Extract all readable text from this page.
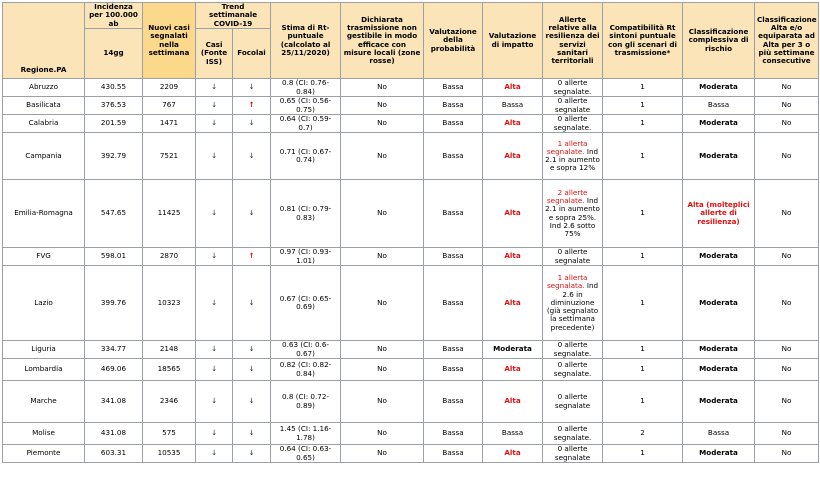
Regione.PA	Incidenza per 100.000 ab	Nuovi casi segnalati nella settimana	Trend settimanale COVID-19		Stima di Rt-puntuale (calcolato al 25/11/2020)	Dichiarata trasmissione non gestibile in modo efficace con misure locali (zone rosse)	Valutazione della probabilità	Valutazione di impatto	Allerte relative alla resilienza dei servizi sanitari territoriali	Compatibilità Rt sintoni puntuale con gli scenari di trasmissione*	Classificazione complessiva di rischio	Classificazione Alta e/o equiparata ad Alta per 3 o più settimane consecutive
	14gg		Casi (Fonte ISS)	Focolai								
Abruzzo	430.55	2209	↓	↓	0.8 (CI: 0.76-0.84)	No	Bassa	Alta	0 allerte segnalate.	1	Moderata	No
Basilicata	376.53	767	↓	↑	0.65 (CI: 0.56-0.75)	No	Bassa	Bassa	0 allerte segnalate	1	Bassa	No
Calabria	201.59	1471	↓	↓	0.64 (CI: 0.59-0.7)	No	Bassa	Alta	0 allerte segnalate.	1	Moderata	No
Campania	392.79	7521	↓	↓	0.71 (CI: 0.67-0.74)	No	Bassa	Alta	1 allerta segnalate. Ind 2.1 in aumento e sopra 12%	1	Moderata	No
Emilia-Romagna	547.65	11425	↓	↓	0.81 (CI: 0.79-0.83)	No	Bassa	Alta	2 allerte segnalate. Ind 2.1 in aumento e sopra 25%. Ind 2.6 sotto 75%	1	Alta (molteplici allerte di resilienza)	No
FVG	598.01	2870	↓	↑	0.97 (CI: 0.93-1.01)	No	Bassa	Alta	0 allerte segnalate	1	Moderata	No
Lazio	399.76	10323	↓	↓	0.67 (CI: 0.65-0.69)	No	Bassa	Alta	1 allerta segnalata. Ind 2.6 in diminuzione (già segnalato la settimana precedente)	1	Moderata	No
Liguria	334.77	2148	↓	↓	0.63 (CI: 0.6-0.67)	No	Bassa	Moderata	0 allerte segnalate.	1	Moderata	No
Lombardia	469.06	18565	↓	↓	0.82 (CI: 0.82-0.84)	No	Bassa	Alta	0 allerte segnalate.	1	Moderata	No
Marche	341.08	2346	↓	↓	0.8 (CI: 0.72-0.89)	No	Bassa	Alta	0 allerte segnalate	1	Moderata	No
Molise	431.08	575	↓	↓	1.45 (CI: 1.16-1.78)	No	Bassa	Bassa	0 allerte segnalate.	2	Bassa	No
Piemonte	603.31	10535	↓	↓	0.64 (CI: 0.63-0.65)	No	Bassa	Alta	0 allerte segnalate	1	Moderata	No
